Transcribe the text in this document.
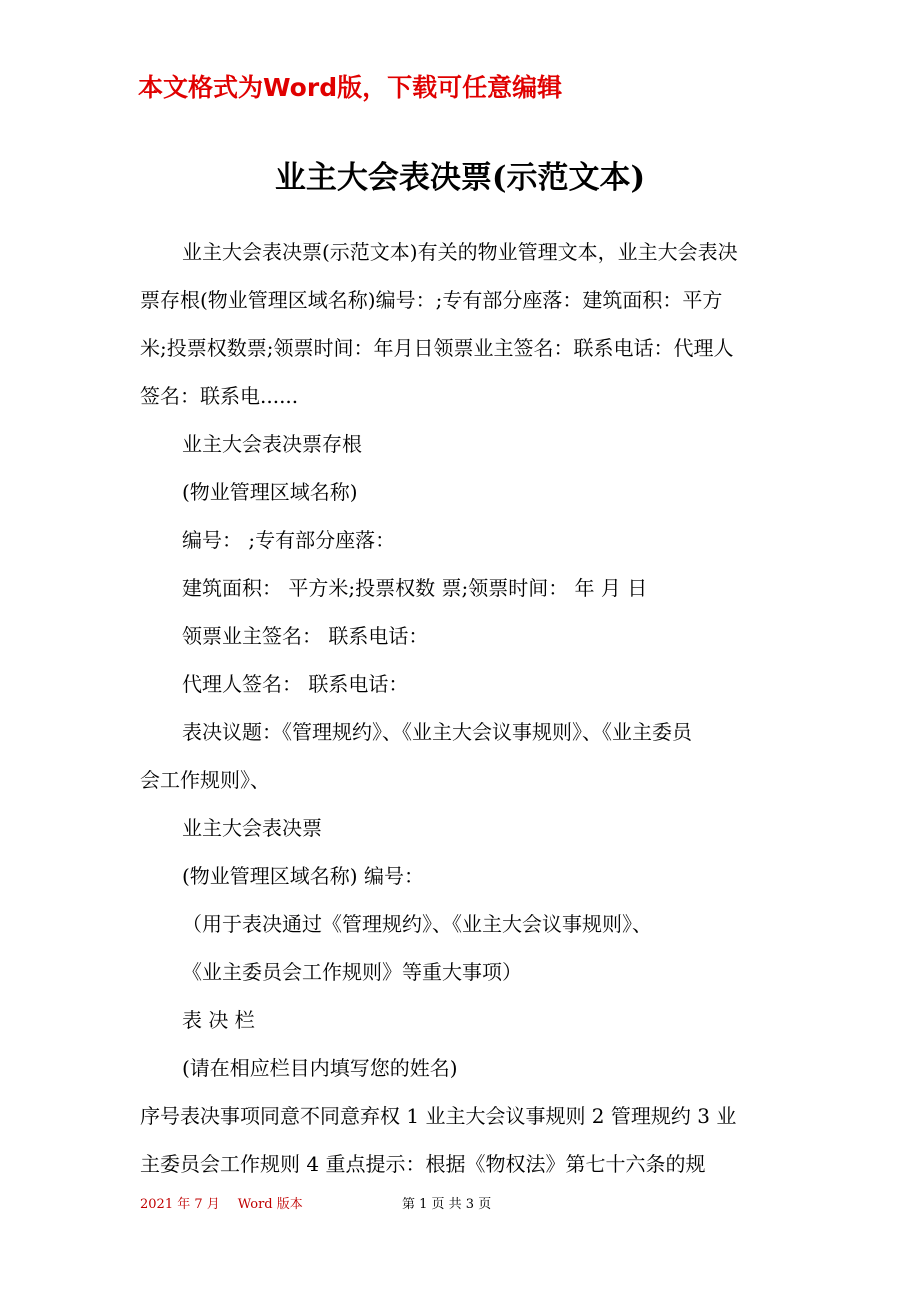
本文格式为Word版，下载可任意编辑
业主大会表决票(示范文本)

业主大会表决票(示范文本)有关的物业管理文本，业主大会表决

票存根(物业管理区域名称)编号：;专有部分座落：建筑面积：平方

米;投票权数票;领票时间：年月日领票业主签名：联系电话：代理人

签名：联系电......

业主大会表决票存根

(物业管理区域名称)

编号： ;专有部分座落：

建筑面积： 平方米;投票权数 票;领票时间： 年 月 日

领票业主签名： 联系电话：

代理人签名： 联系电话：

表决议题：《管理规约》、《业主大会议事规则》、《业主委员

会工作规则》、

业主大会表决票

(物业管理区域名称) 编号：

（用于表决通过《管理规约》、《业主大会议事规则》、

《业主委员会工作规则》等重大事项）

表 决 栏

(请在相应栏目内填写您的姓名)

序号表决事项同意不同意弃权 1 业主大会议事规则 2 管理规约 3 业

主委员会工作规则 4 重点提示：根据《物权法》第七十六条的规

2021 年 7 月 Word 版本	第 1 页 共 3 页
